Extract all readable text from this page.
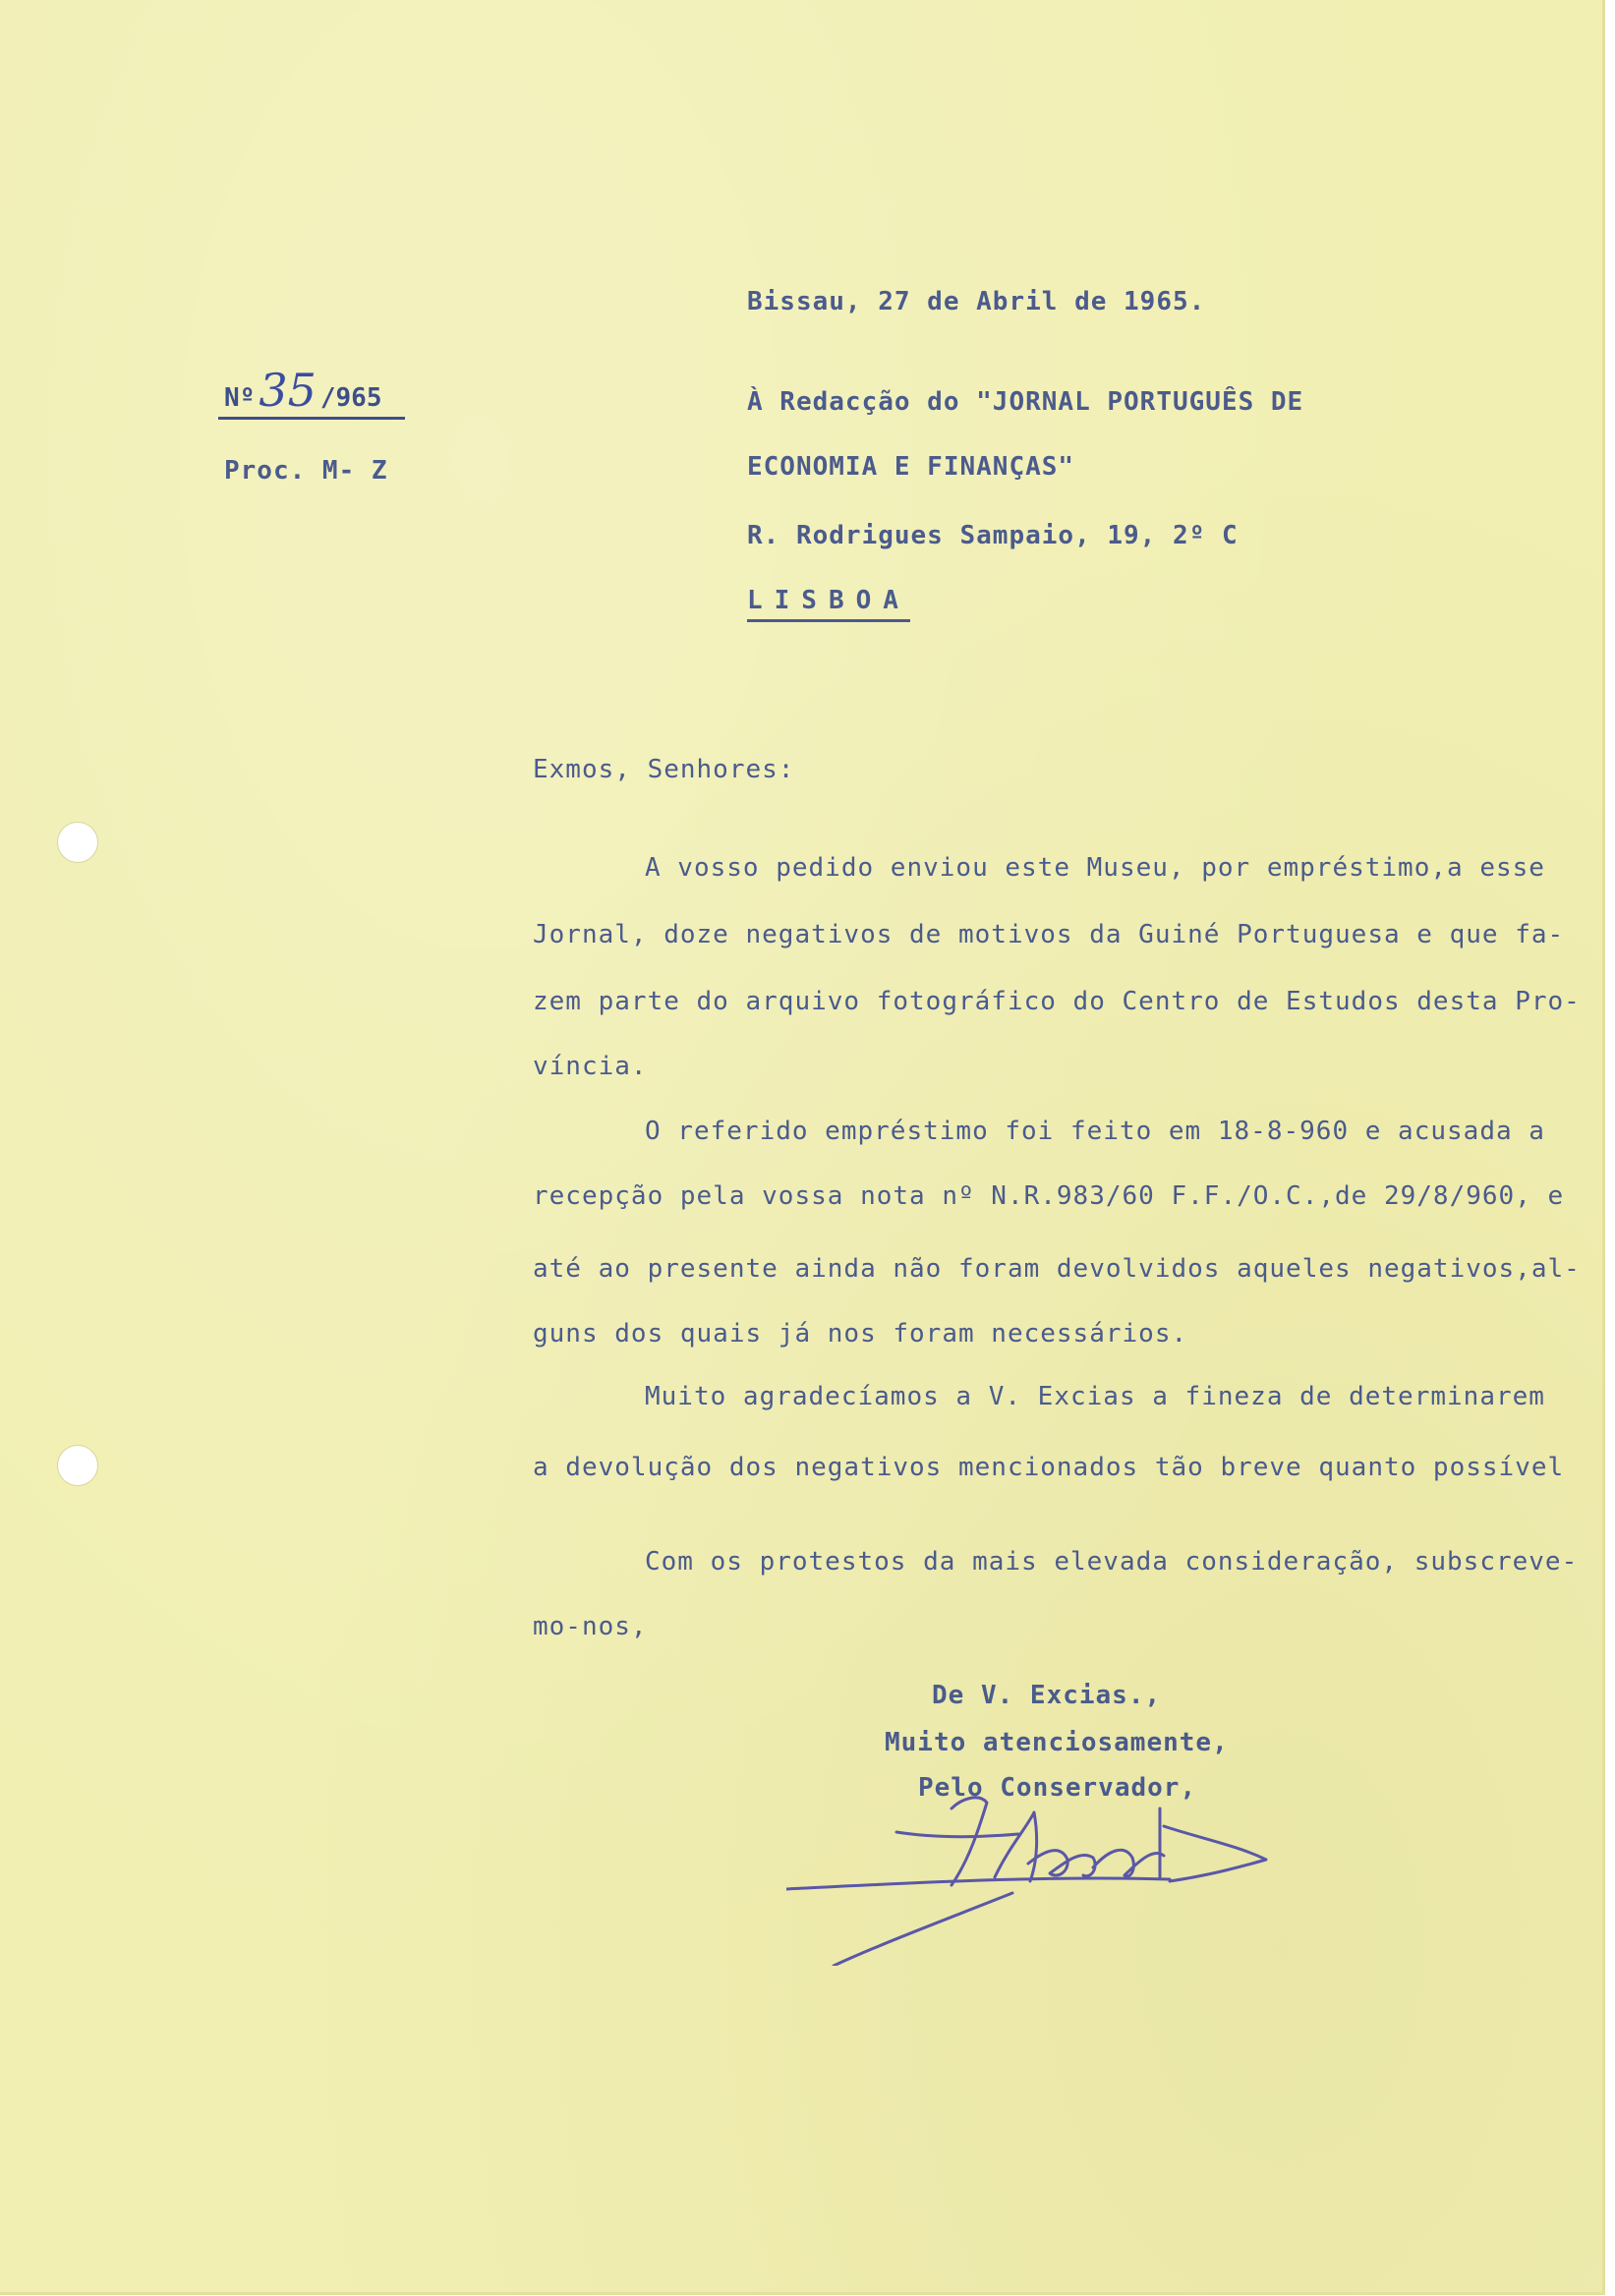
Bissau, 27 de Abril de 1965.
Nº35 /965
Proc. M- Z
À Redacção do "JORNAL PORTUGUÊS DE
ECONOMIA E FINANÇAS"
R. Rodrigues Sampaio, 19, 2º C
LISBOA
Exmos, Senhores:
A vosso pedido enviou este Museu, por empréstimo,a esse
Jornal, doze negativos de motivos da Guiné Portuguesa e que fa-
zem parte do arquivo fotográfico do Centro de Estudos desta Pro-
víncia.
O referido empréstimo foi feito em 18-8-960 e acusada a
recepção pela vossa nota nº N.R.983/60 F.F./O.C.,de 29/8/960, e
até ao presente ainda não foram devolvidos aqueles negativos,al-
guns dos quais já nos foram necessários.
Muito agradecíamos a V. Excias a fineza de determinarem
a devolução dos negativos mencionados tão breve quanto possível
Com os protestos da mais elevada consideração, subscreve-
mo-nos,
De V. Excias.,
Muito atenciosamente,
Pelo Conservador,
